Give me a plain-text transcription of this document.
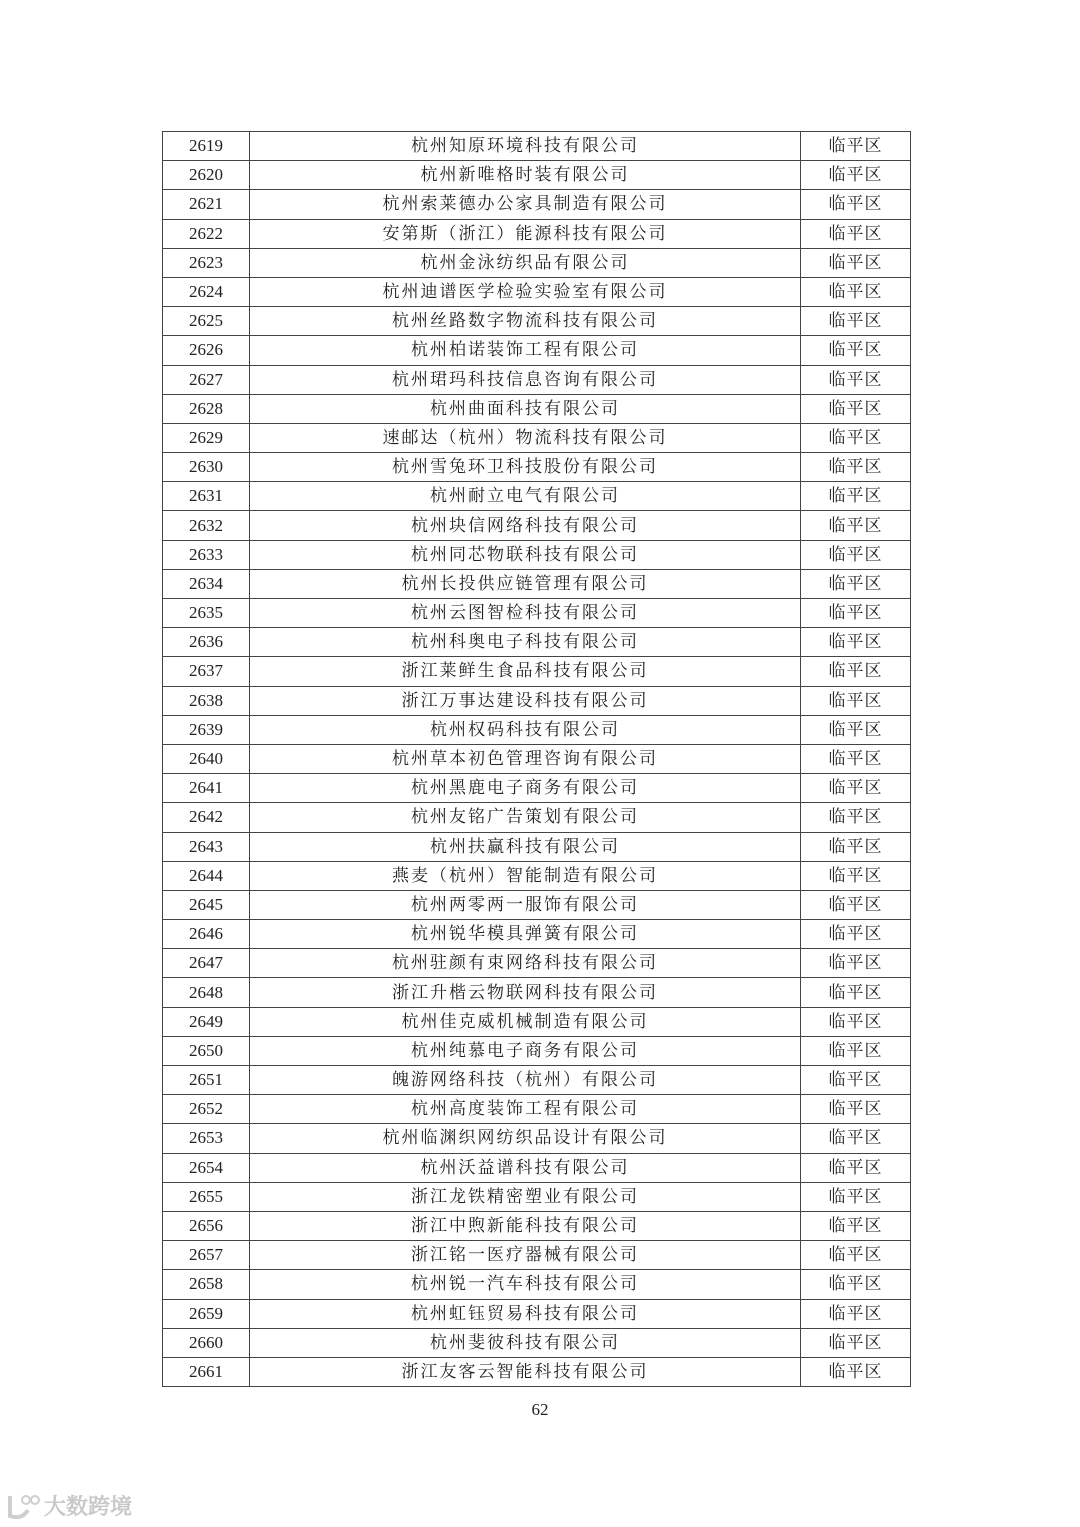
2619	杭州知原环境科技有限公司	临平区
2620	杭州新唯格时装有限公司	临平区
2621	杭州索莱德办公家具制造有限公司	临平区
2622	安第斯（浙江）能源科技有限公司	临平区
2623	杭州金泳纺织品有限公司	临平区
2624	杭州迪谱医学检验实验室有限公司	临平区
2625	杭州丝路数字物流科技有限公司	临平区
2626	杭州柏诺装饰工程有限公司	临平区
2627	杭州珺玛科技信息咨询有限公司	临平区
2628	杭州曲面科技有限公司	临平区
2629	速邮达（杭州）物流科技有限公司	临平区
2630	杭州雪兔环卫科技股份有限公司	临平区
2631	杭州耐立电气有限公司	临平区
2632	杭州块信网络科技有限公司	临平区
2633	杭州同芯物联科技有限公司	临平区
2634	杭州长投供应链管理有限公司	临平区
2635	杭州云图智检科技有限公司	临平区
2636	杭州科奥电子科技有限公司	临平区
2637	浙江莱鲜生食品科技有限公司	临平区
2638	浙江万事达建设科技有限公司	临平区
2639	杭州权码科技有限公司	临平区
2640	杭州草本初色管理咨询有限公司	临平区
2641	杭州黑鹿电子商务有限公司	临平区
2642	杭州友铭广告策划有限公司	临平区
2643	杭州扶赢科技有限公司	临平区
2644	燕麦（杭州）智能制造有限公司	临平区
2645	杭州两零两一服饰有限公司	临平区
2646	杭州锐华模具弹簧有限公司	临平区
2647	杭州驻颜有束网络科技有限公司	临平区
2648	浙江升楷云物联网科技有限公司	临平区
2649	杭州佳克威机械制造有限公司	临平区
2650	杭州纯慕电子商务有限公司	临平区
2651	魄游网络科技（杭州）有限公司	临平区
2652	杭州高度装饰工程有限公司	临平区
2653	杭州临渊织网纺织品设计有限公司	临平区
2654	杭州沃益谱科技有限公司	临平区
2655	浙江龙铁精密塑业有限公司	临平区
2656	浙江中煦新能科技有限公司	临平区
2657	浙江铭一医疗器械有限公司	临平区
2658	杭州锐一汽车科技有限公司	临平区
2659	杭州虹钰贸易科技有限公司	临平区
2660	杭州斐彼科技有限公司	临平区
2661	浙江友客云智能科技有限公司	临平区
62
大数跨境
